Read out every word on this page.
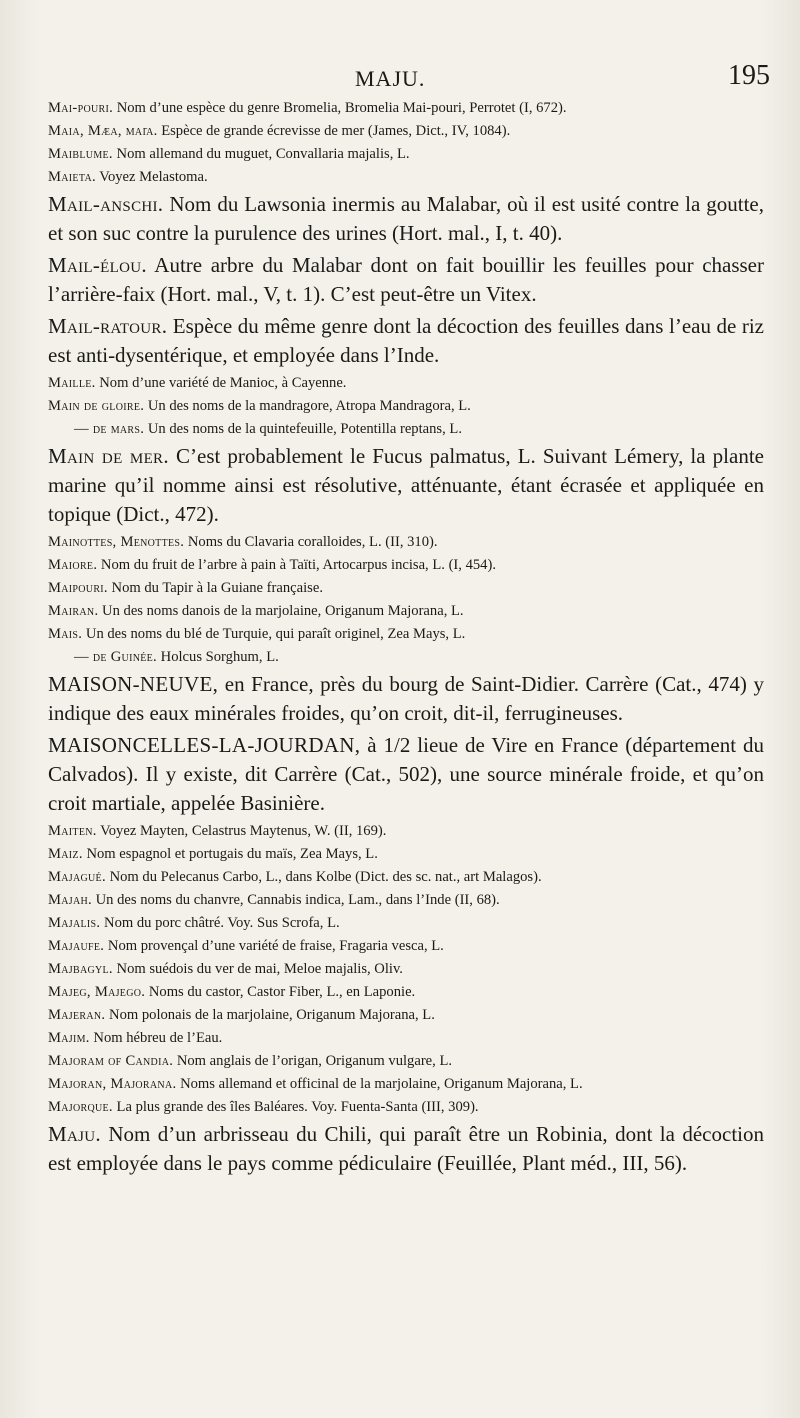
MAJU.	195

Mai-pouri. Nom d’une espèce du genre Bromelia, Bromelia Mai-pouri, Perrotet (I, 672).

Maia, Mæa, μαῖα. Espèce de grande écrevisse de mer (James, Dict., IV, 1084).

Maiblume. Nom allemand du muguet, Convallaria majalis, L.

Maieta. Voyez Melastoma.

Mail-anschi. Nom du Lawsonia inermis au Malabar, où il est usité contre la goutte, et son suc contre la purulence des urines (Hort. mal., I, t. 40).

Mail-élou. Autre arbre du Malabar dont on fait bouillir les feuilles pour chasser l’arrière-faix (Hort. mal., V, t. 1). C’est peut-être un Vitex.

Mail-ratour. Espèce du même genre dont la décoction des feuilles dans l’eau de riz est anti-dysentérique, et employée dans l’Inde.

Maille. Nom d’une variété de Manioc, à Cayenne.

Main de gloire. Un des noms de la mandragore, Atropa Mandragora, L.

— de mars. Un des noms de la quintefeuille, Potentilla reptans, L.

Main de mer. C’est probablement le Fucus palmatus, L. Suivant Lémery, la plante marine qu’il nomme ainsi est résolutive, atténuante, étant écrasée et appliquée en topique (Dict., 472).

Mainottes, Menottes. Noms du Clavaria coralloides, L. (II, 310).

Maiore. Nom du fruit de l’arbre à pain à Taïti, Artocarpus incisa, L. (I, 454).

Maipouri. Nom du Tapir à la Guiane française.

Mairan. Un des noms danois de la marjolaine, Origanum Majorana, L.

Mais. Un des noms du blé de Turquie, qui paraît originel, Zea Mays, L.

— de Guinée. Holcus Sorghum, L.

MAISON-NEUVE, en France, près du bourg de Saint-Didier. Carrère (Cat., 474) y indique des eaux minérales froides, qu’on croit, dit-il, ferrugineuses.

MAISONCELLES-LA-JOURDAN, à 1/2 lieue de Vire en France (département du Calvados). Il y existe, dit Carrère (Cat., 502), une source minérale froide, et qu’on croit martiale, appelée Basinière.

Maiten. Voyez Mayten, Celastrus Maytenus, W. (II, 169).

Maiz. Nom espagnol et portugais du maïs, Zea Mays, L.

Majagué. Nom du Pelecanus Carbo, L., dans Kolbe (Dict. des sc. nat., art Malagos).

Majah. Un des noms du chanvre, Cannabis indica, Lam., dans l’Inde (II, 68).

Majalis. Nom du porc châtré. Voy. Sus Scrofa, L.

Majaufe. Nom provençal d’une variété de fraise, Fragaria vesca, L.

Majbagyl. Nom suédois du ver de mai, Meloe majalis, Oliv.

Majeg, Majego. Noms du castor, Castor Fiber, L., en Laponie.

Majeran. Nom polonais de la marjolaine, Origanum Majorana, L.

Majim. Nom hébreu de l’Eau.

Majoram of Candia. Nom anglais de l’origan, Origanum vulgare, L.

Majoran, Majorana. Noms allemand et officinal de la marjolaine, Origanum Majorana, L.

Majorque. La plus grande des îles Baléares. Voy. Fuenta-Santa (III, 309).

Maju. Nom d’un arbrisseau du Chili, qui paraît être un Robinia, dont la décoction est employée dans le pays comme pédiculaire (Feuillée, Plant méd., III, 56).
